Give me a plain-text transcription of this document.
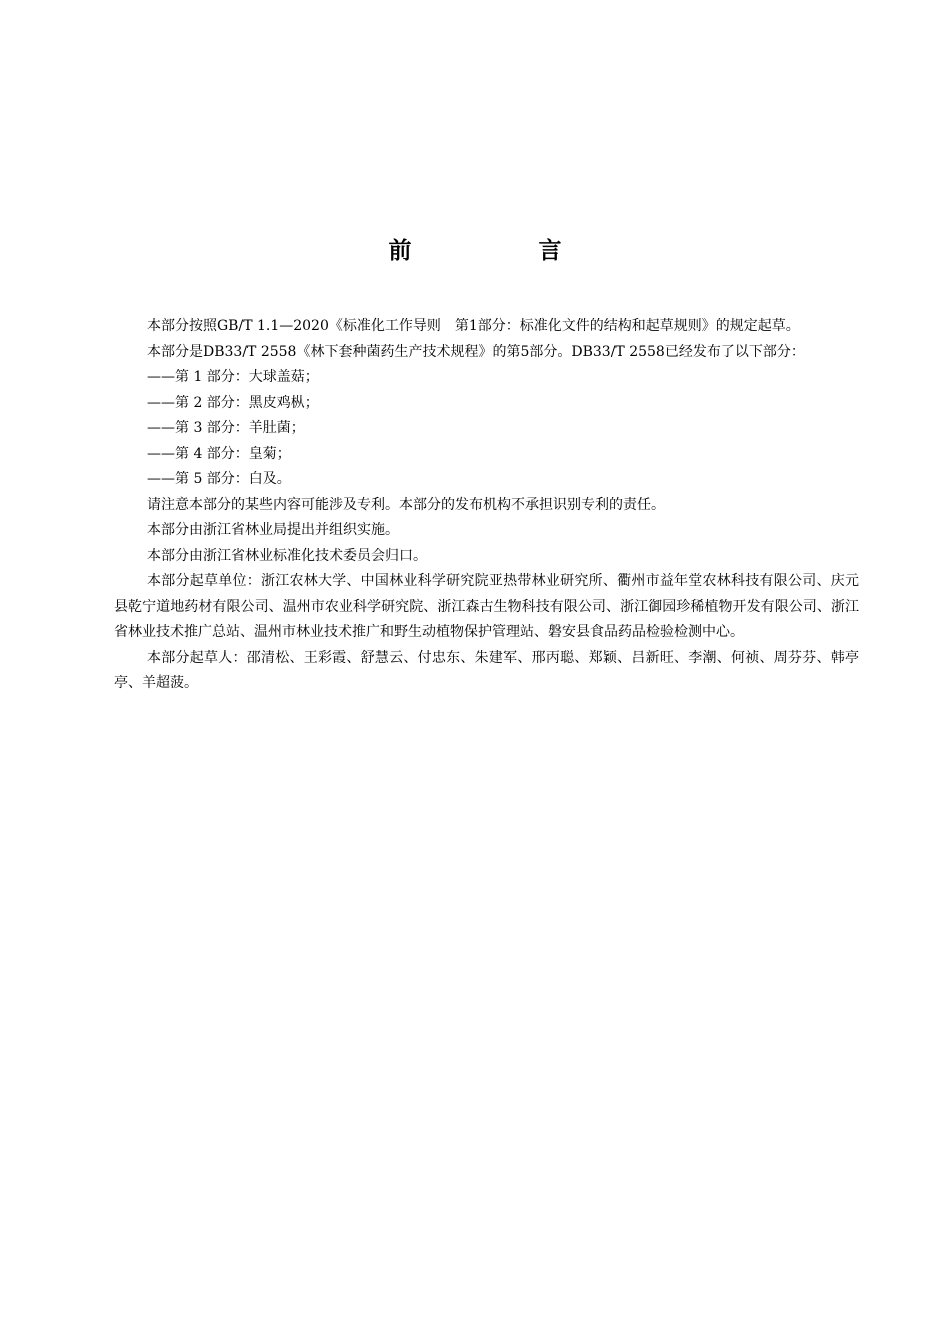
前　言

本部分按照GB/T 1.1—2020《标准化工作导则　第1部分：标准化文件的结构和起草规则》的规定起草。

本部分是DB33/T 2558《林下套种菌药生产技术规程》的第5部分。DB33/T 2558已经发布了以下部分：

——第 1 部分：大球盖菇；

——第 2 部分：黑皮鸡枞；

——第 3 部分：羊肚菌；

——第 4 部分：皇菊；

——第 5 部分：白及。

请注意本部分的某些内容可能涉及专利。本部分的发布机构不承担识别专利的责任。

本部分由浙江省林业局提出并组织实施。

本部分由浙江省林业标准化技术委员会归口。

本部分起草单位：浙江农林大学、中国林业科学研究院亚热带林业研究所、衢州市益年堂农林科技有限公司、庆元县乾宁道地药材有限公司、温州市农业科学研究院、浙江森古生物科技有限公司、浙江御园珍稀植物开发有限公司、浙江省林业技术推广总站、温州市林业技术推广和野生动植物保护管理站、磐安县食品药品检验检测中心。

本部分起草人：邵清松、王彩霞、舒慧云、付忠东、朱建军、邢丙聪、郑颖、吕新旺、李潮、何祯、周芬芬、韩亭亭、羊超菠。
